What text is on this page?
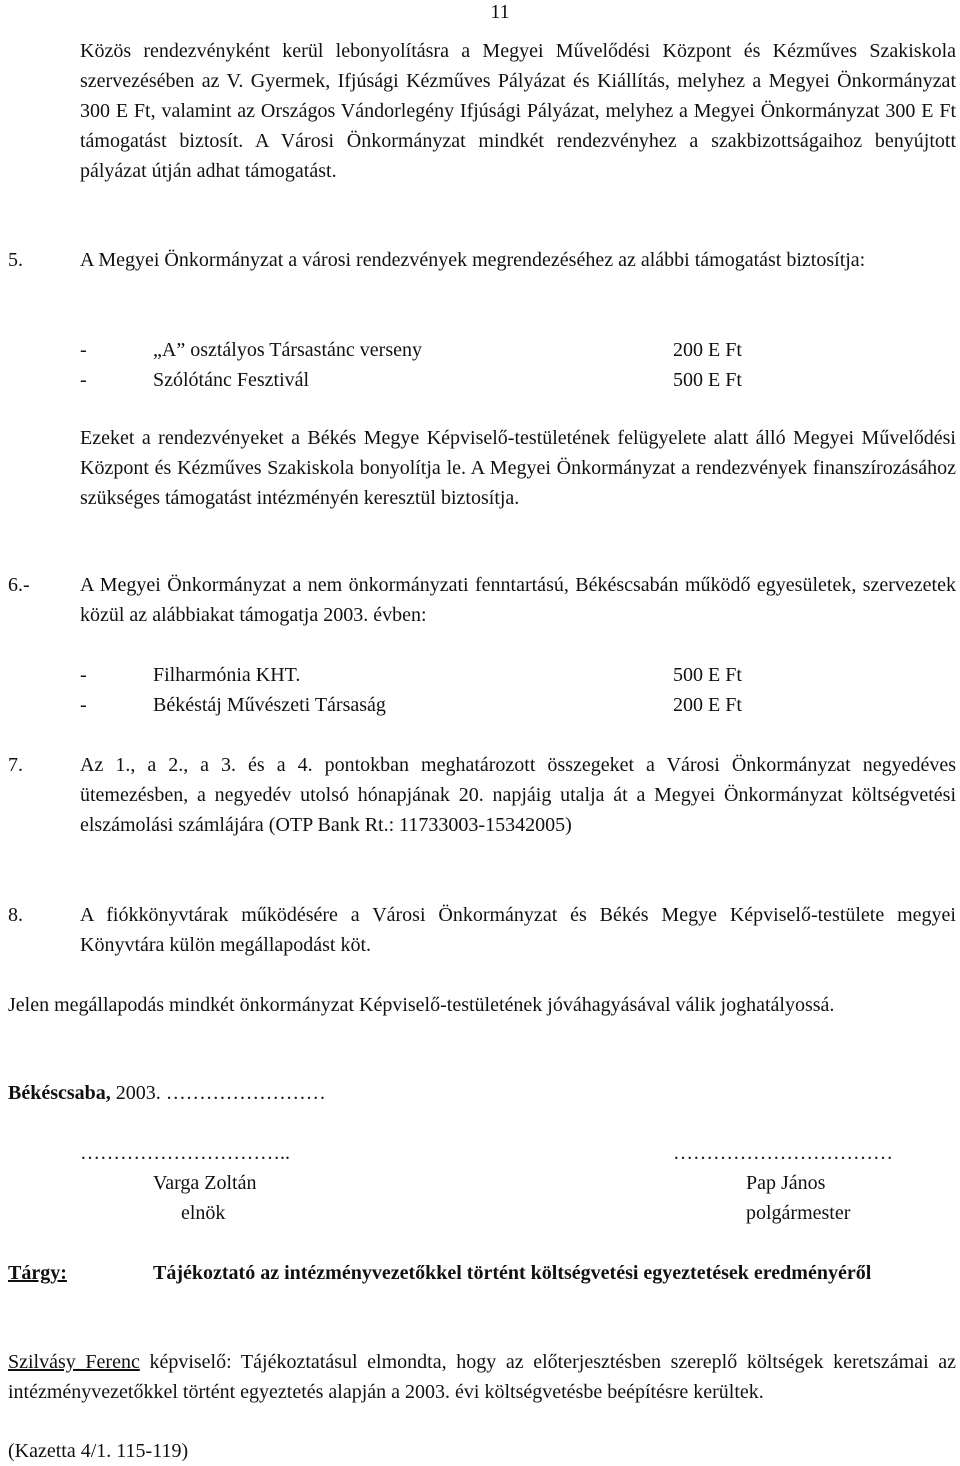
11
Közös rendezvényként kerül lebonyolításra a Megyei Művelődési Központ és Kézműves Szakiskola szervezésében az V. Gyermek, Ifjúsági Kézműves Pályázat és Kiállítás, melyhez a Megyei Önkormányzat 300 E Ft, valamint az Országos Vándorlegény Ifjúsági Pályázat, melyhez a Megyei Önkormányzat 300 E Ft támogatást biztosít. A Városi Önkormányzat mindkét rendezvényhez a szakbizottságaihoz benyújtott pályázat útján adhat támogatást.
5.	A Megyei Önkormányzat a városi rendezvények megrendezéséhez az alábbi támogatást biztosítja:
-	„A” osztályos Társastánc verseny	200 E Ft
-	Szólótánc Fesztivál	500 E Ft
Ezeket a rendezvényeket a Békés Megye Képviselő-testületének felügyelete alatt álló Megyei Művelődési Központ és Kézműves Szakiskola bonyolítja le. A Megyei Önkormányzat a rendezvények finanszírozásához szükséges támogatást intézményén keresztül biztosítja.
6.-	A Megyei Önkormányzat a nem önkormányzati fenntartású, Békéscsabán működő egyesületek, szervezetek közül az alábbiakat támogatja 2003. évben:
-	Filharmónia KHT.	500 E Ft
-	Békéstáj Művészeti Társaság	200 E Ft
7.	Az 1., a 2., a 3. és a 4. pontokban meghatározott összegeket a Városi Önkormányzat negyedéves ütemezésben, a negyedév utolsó hónapjának 20. napjáig utalja át a Megyei Önkormányzat költségvetési elszámolási számlájára (OTP Bank Rt.: 11733003-15342005)
8.	A fiókkönyvtárak működésére a Városi Önkormányzat és Békés Megye Képviselő-testülete megyei Könyvtára külön megállapodást köt.
Jelen megállapodás mindkét önkormányzat Képviselő-testületének jóváhagyásával válik joghatályossá.
Békéscsaba, 2003. ……………………
…………………………..
Varga Zoltán
elnök
……………………………
Pap János
polgármester
Tárgy:	Tájékoztató az intézményvezetőkkel történt költségvetési egyeztetések eredményéről
Szilvásy Ferenc képviselő: Tájékoztatásul elmondta, hogy az előterjesztésben szereplő költségek keretszámai az intézményvezetőkkel történt egyeztetés alapján a 2003. évi költségvetésbe beépítésre kerültek.
(Kazetta 4/1. 115-119)
